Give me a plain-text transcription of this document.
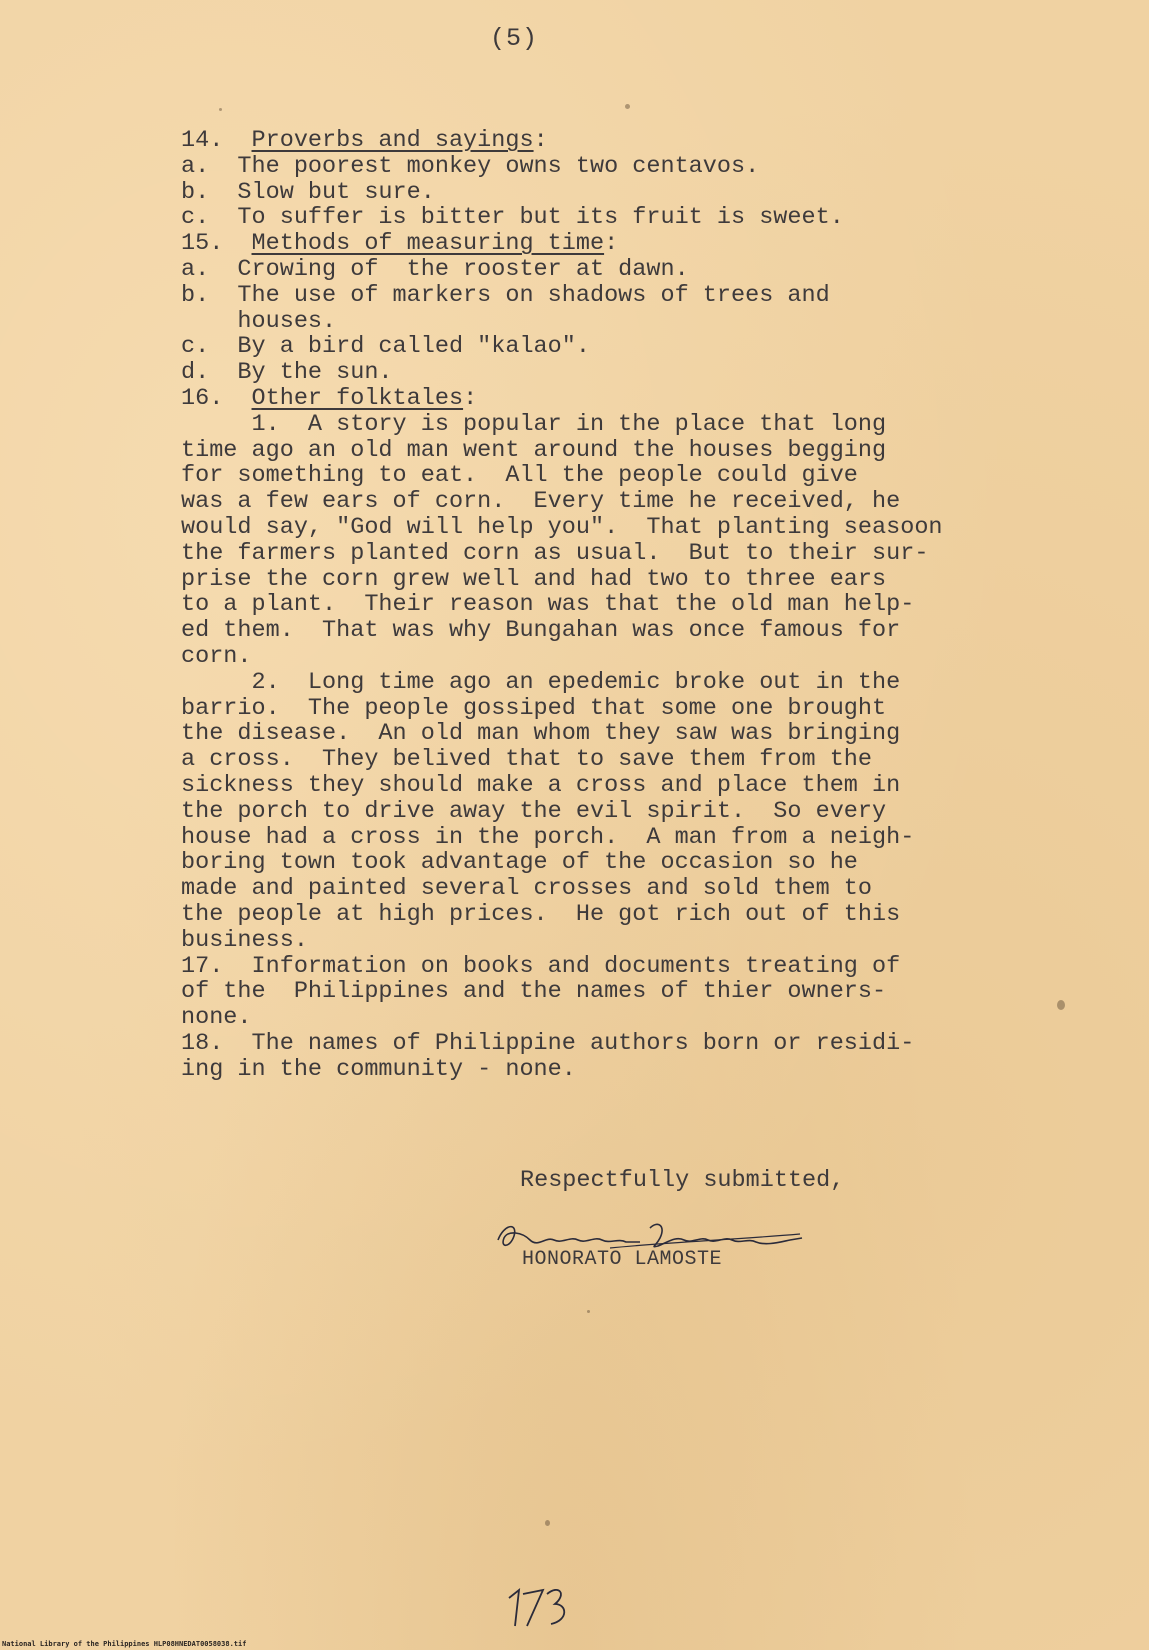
(5)
14.  Proverbs and sayings:
a.  The poorest monkey owns two centavos.
b.  Slow but sure.
c.  To suffer is bitter but its fruit is sweet.
15.  Methods of measuring time:
a.  Crowing of  the rooster at dawn.
b.  The use of markers on shadows of trees and
houses.
c.  By a bird called "kalao".
d.  By the sun.
16.  Other folktales:
1.  A story is popular in the place that long
time ago an old man went around the houses begging
for something to eat.  All the people could give
was a few ears of corn.  Every time he received, he
would say, "God will help you".  That planting seasoon
the farmers planted corn as usual.  But to their sur-
prise the corn grew well and had two to three ears
to a plant.  Their reason was that the old man help-
ed them.  That was why Bungahan was once famous for
corn.
2.  Long time ago an epedemic broke out in the
barrio.  The people gossiped that some one brought
the disease.  An old man whom they saw was bringing
a cross.  They belived that to save them from the
sickness they should make a cross and place them in
the porch to drive away the evil spirit.  So every
house had a cross in the porch.  A man from a neigh-
boring town took advantage of the occasion so he
made and painted several crosses and sold them to
the people at high prices.  He got rich out of this
business.
17.  Information on books and documents treating of
of the  Philippines and the names of thier owners-
none.
18.  The names of Philippine authors born or residi-
ing in the community - none.
Respectfully submitted,
HONORATO LAMOSTE
173
National Library of the Philippines HLP08HNEDAT0058038.tif
